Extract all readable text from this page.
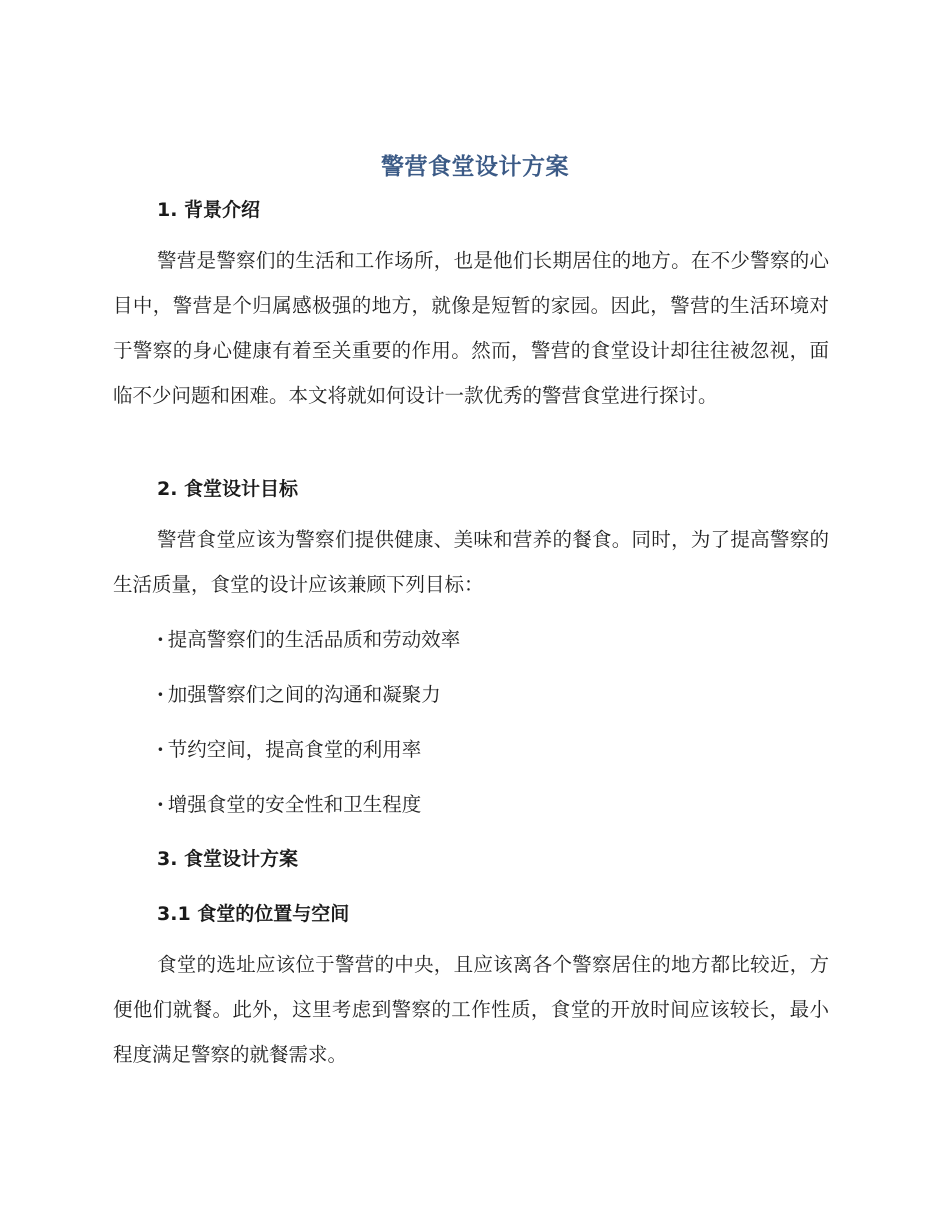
警营食堂设计方案
1. 背景介绍
警营是警察们的生活和工作场所，也是他们长期居住的地方。在不少警察的心目中，警营是个归属感极强的地方，就像是短暂的家园。因此，警营的生活环境对于警察的身心健康有着至关重要的作用。然而，警营的食堂设计却往往被忽视，面临不少问题和困难。本文将就如何设计一款优秀的警营食堂进行探讨。
2. 食堂设计目标
警营食堂应该为警察们提供健康、美味和营养的餐食。同时，为了提高警察的生活质量，食堂的设计应该兼顾下列目标：
· 提高警察们的生活品质和劳动效率
· 加强警察们之间的沟通和凝聚力
· 节约空间，提高食堂的利用率
· 增强食堂的安全性和卫生程度
3. 食堂设计方案
3.1 食堂的位置与空间
食堂的选址应该位于警营的中央，且应该离各个警察居住的地方都比较近，方便他们就餐。此外，这里考虑到警察的工作性质，食堂的开放时间应该较长，最小程度满足警察的就餐需求。
